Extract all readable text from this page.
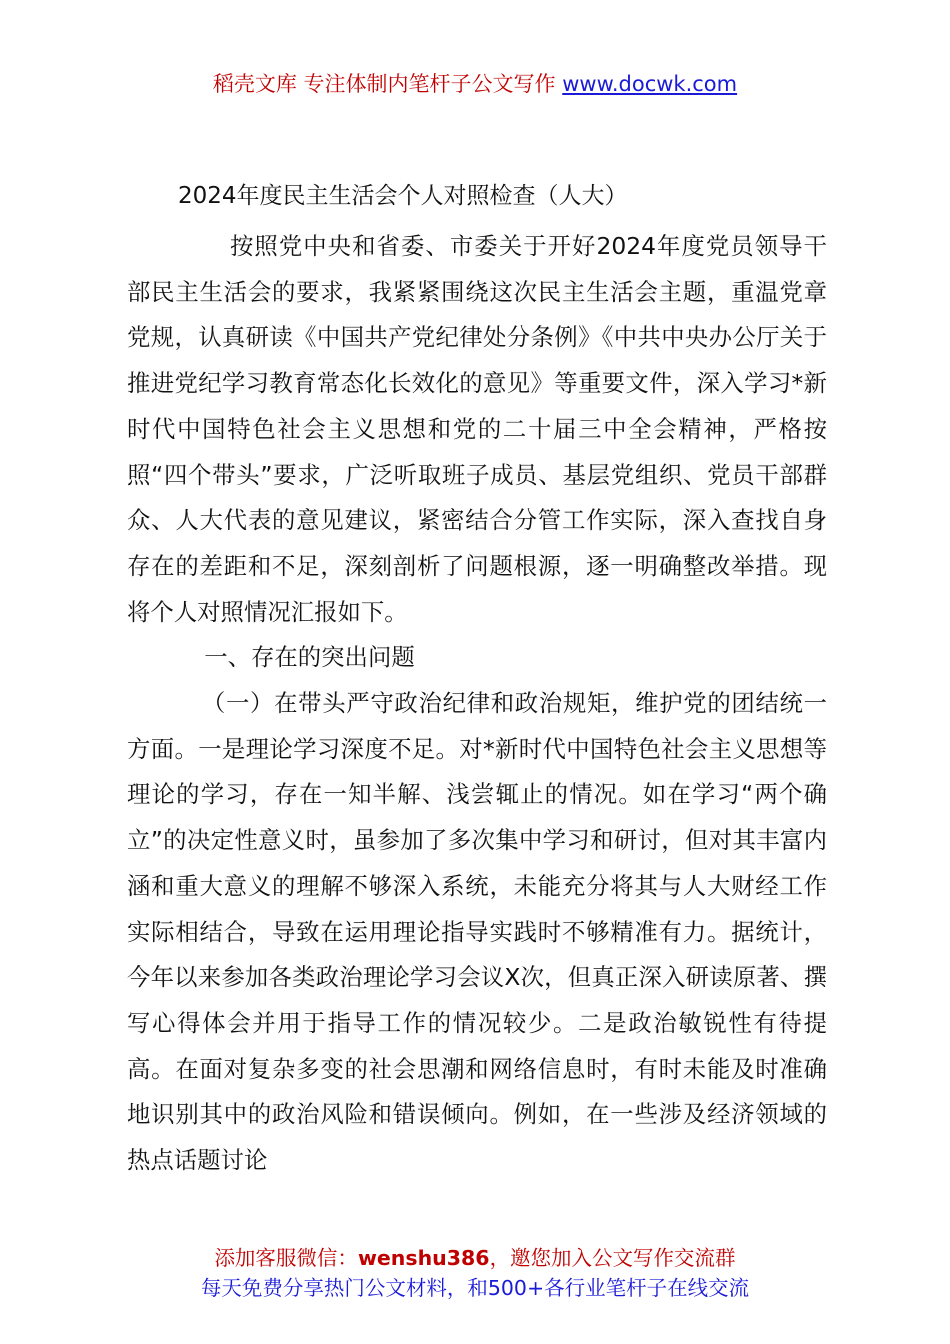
稻壳文库 专注体制内笔杆子公文写作 www.docwk.com
2024年度民主生活会个人对照检查（人大）

按照党中央和省委、市委关于开好2024年度党员领导干部民主生活会的要求，我紧紧围绕这次民主生活会主题，重温党章党规，认真研读《中国共产党纪律处分条例》《中共中央办公厅关于推进党纪学习教育常态化长效化的意见》等重要文件，深入学习*新时代中国特色社会主义思想和党的二十届三中全会精神，严格按照“四个带头”要求，广泛听取班子成员、基层党组织、党员干部群众、人大代表的意见建议，紧密结合分管工作实际，深入查找自身存在的差距和不足，深刻剖析了问题根源，逐一明确整改举措。现将个人对照情况汇报如下。

一、存在的突出问题

（一）在带头严守政治纪律和政治规矩，维护党的团结统一方面。一是理论学习深度不足。对*新时代中国特色社会主义思想等理论的学习，存在一知半解、浅尝辄止的情况。如在学习“两个确立”的决定性意义时，虽参加了多次集中学习和研讨，但对其丰富内涵和重大意义的理解不够深入系统，未能充分将其与人大财经工作实际相结合，导致在运用理论指导实践时不够精准有力。据统计，今年以来参加各类政治理论学习会议X次，但真正深入研读原著、撰写心得体会并用于指导工作的情况较少。二是政治敏锐性有待提高。在面对复杂多变的社会思潮和网络信息时，有时未能及时准确地识别其中的政治风险和错误倾向。例如，在一些涉及经济领域的热点话题讨论

添加客服微信：wenshu386，邀您加入公文写作交流群
每天免费分享热门公文材料，和500+各行业笔杆子在线交流
